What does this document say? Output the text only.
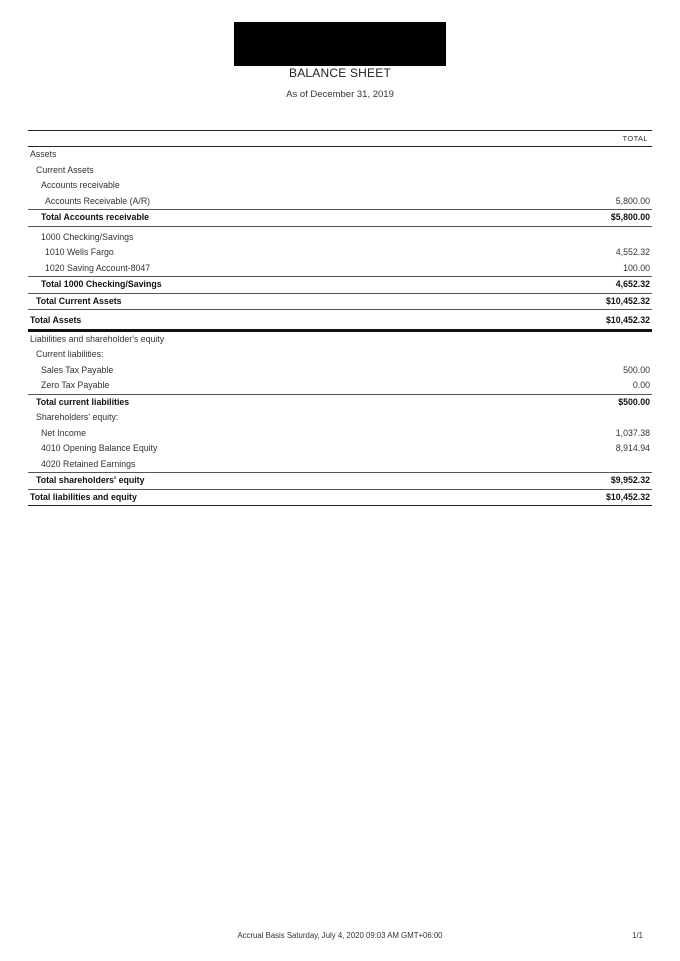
BALANCE SHEET
As of December 31, 2019
TOTAL
Assets
Current Assets
Accounts receivable
Accounts Receivable (A/R)	5,800.00
Total Accounts receivable	$5,800.00
1000 Checking/Savings
1010 Wells Fargo	4,552.32
1020 Saving Account-8047	100.00
Total 1000 Checking/Savings	4,652.32
Total Current Assets	$10,452.32
Total Assets	$10,452.32
Liabilities and shareholder's equity
Current liabilities:
Sales Tax Payable	500.00
Zero Tax Payable	0.00
Total current liabilities	$500.00
Shareholders' equity:
Net Income	1,037.38
4010 Opening Balance Equity	8,914.94
4020 Retained Earnings
Total shareholders' equity	$9,952.32
Total liabilities and equity	$10,452.32
Accrual Basis Saturday, July 4, 2020 09:03 AM GMT+06:00	1/1
